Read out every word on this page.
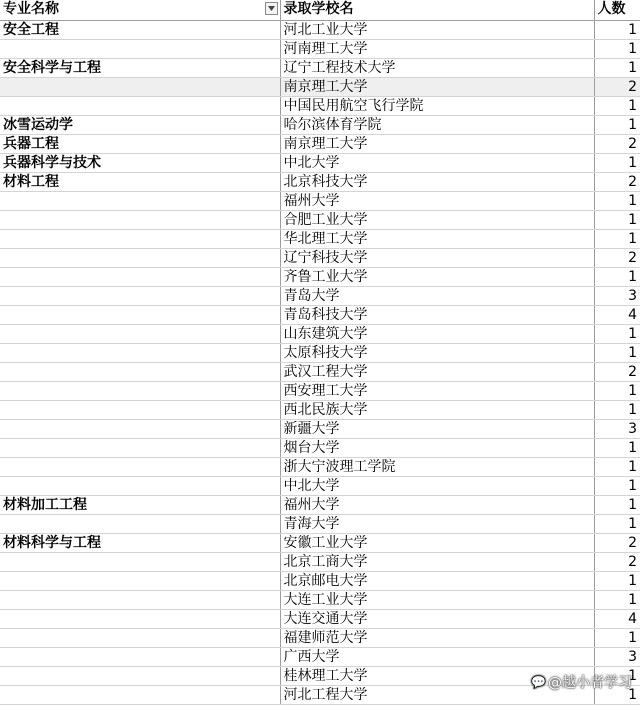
专业名称	录取学校名	人数
安全工程	河北工业大学	1
	河南理工大学	1
安全科学与工程	辽宁工程技术大学	1
	南京理工大学	2
	中国民用航空飞行学院	1
冰雪运动学	哈尔滨体育学院	1
兵器工程	南京理工大学	2
兵器科学与技术	中北大学	1
材料工程	北京科技大学	2
	福州大学	1
	合肥工业大学	1
	华北理工大学	1
	辽宁科技大学	2
	齐鲁工业大学	1
	青岛大学	3
	青岛科技大学	4
	山东建筑大学	1
	太原科技大学	1
	武汉工程大学	2
	西安理工大学	1
	西北民族大学	1
	新疆大学	3
	烟台大学	1
	浙大宁波理工学院	1
	中北大学	1
材料加工工程	福州大学	1
	青海大学	1
材料科学与工程	安徽工业大学	2
	北京工商大学	2
	北京邮电大学	1
	大连工业大学	1
	大连交通大学	4
	福建师范大学	1
	广西大学	3
	桂林理工大学	1
	河北工程大学	1
💬 @越小者学习
